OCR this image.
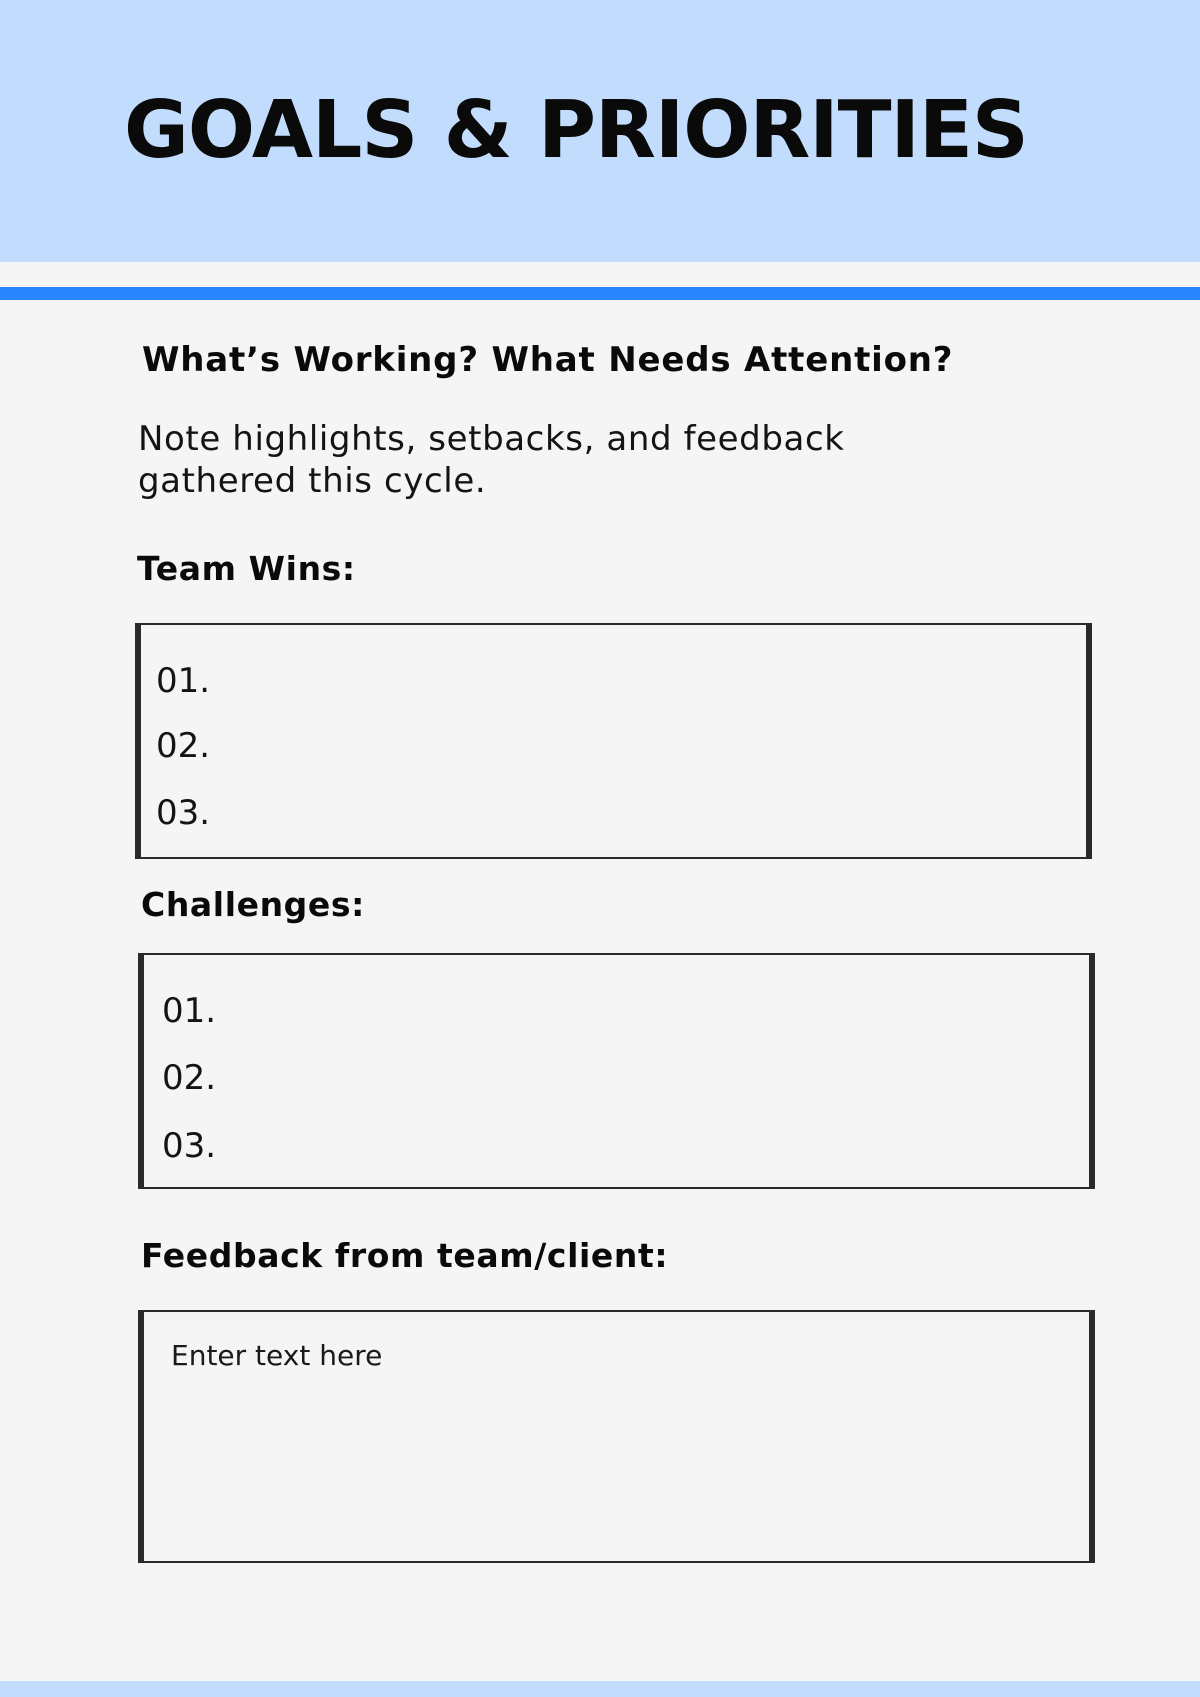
GOALS & PRIORITIES
What’s Working? What Needs Attention?
Note highlights, setbacks, and feedback
gathered this cycle.
Team Wins:
01.
02.
03.
Challenges:
01.
02.
03.
Feedback from team/client:
Enter text here
